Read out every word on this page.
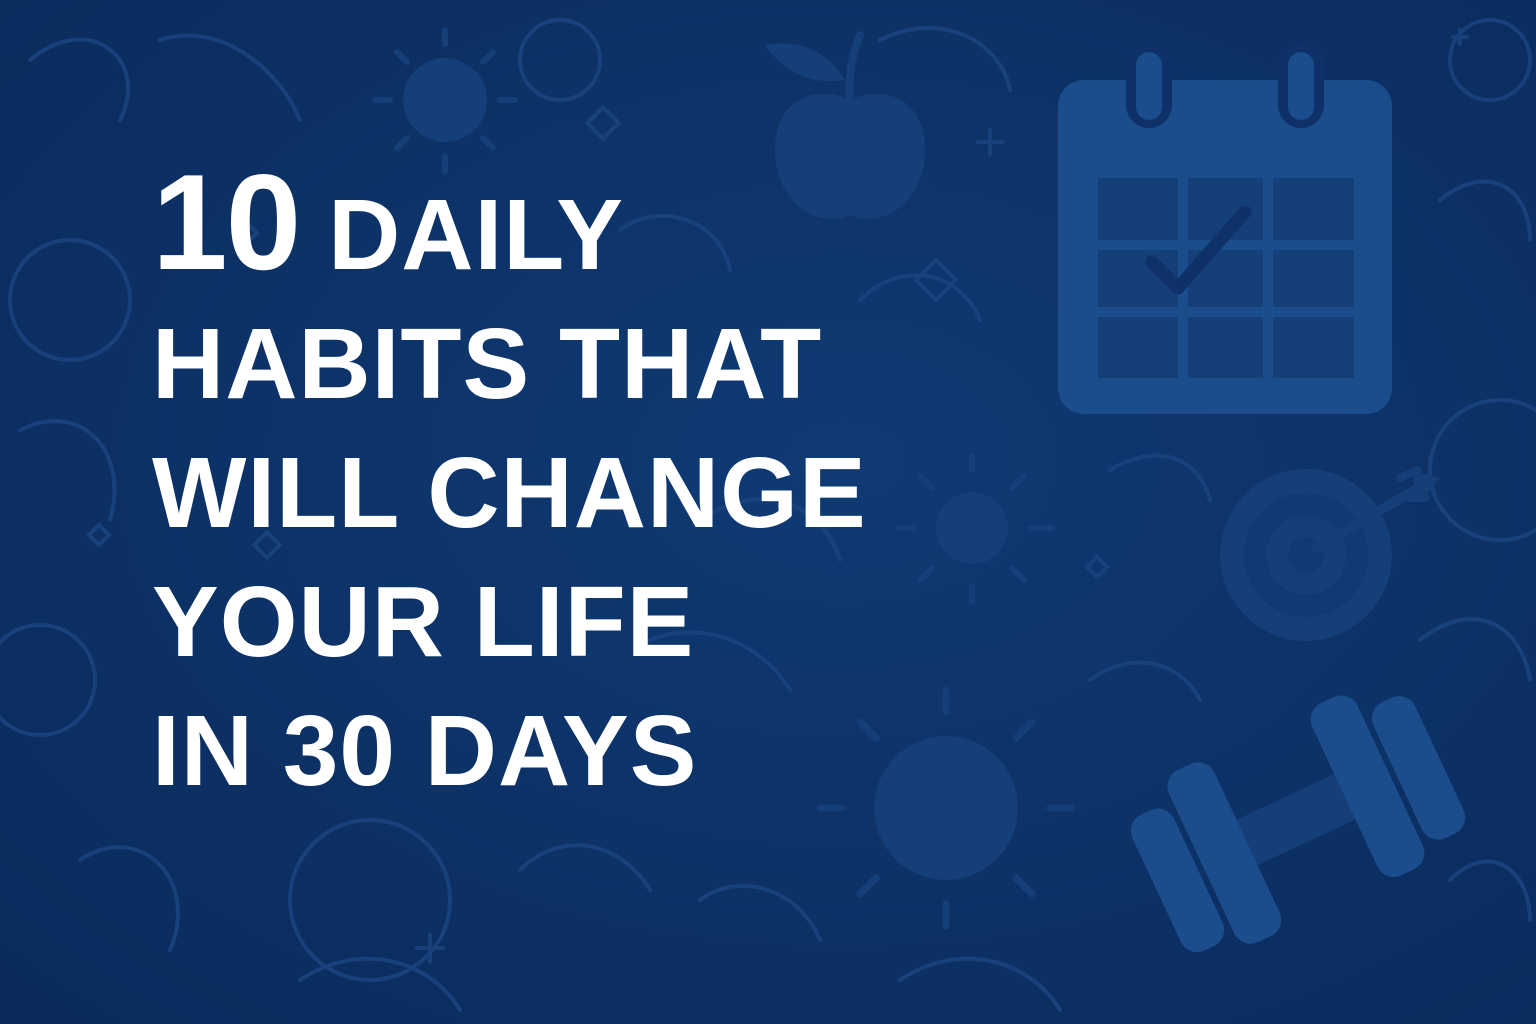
10 DAILY
HABITS THAT
WILL CHANGE
YOUR LIFE
IN 30 DAYS
